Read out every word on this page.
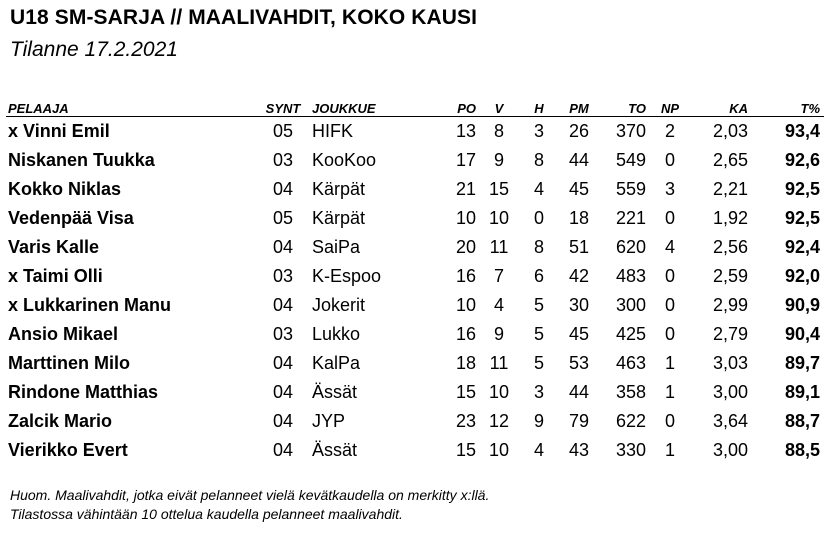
U18 SM-SARJA // MAALIVAHDIT, KOKO KAUSI
Tilanne 17.2.2021
PELAAJA	SYNT	JOUKKUE	PO	V	H	PM	TO	NP	KA	T%
x Vinni Emil	05	HIFK	13	8	3	26	370	2	2,03	93,4
Niskanen Tuukka	03	KooKoo	17	9	8	44	549	0	2,65	92,6
Kokko Niklas	04	Kärpät	21	15	4	45	559	3	2,21	92,5
Vedenpää Visa	05	Kärpät	10	10	0	18	221	0	1,92	92,5
Varis Kalle	04	SaiPa	20	11	8	51	620	4	2,56	92,4
x Taimi Olli	03	K-Espoo	16	7	6	42	483	0	2,59	92,0
x Lukkarinen Manu	04	Jokerit	10	4	5	30	300	0	2,99	90,9
Ansio Mikael	03	Lukko	16	9	5	45	425	0	2,79	90,4
Marttinen Milo	04	KalPa	18	11	5	53	463	1	3,03	89,7
Rindone Matthias	04	Ässät	15	10	3	44	358	1	3,00	89,1
Zalcik Mario	04	JYP	23	12	9	79	622	0	3,64	88,7
Vierikko Evert	04	Ässät	15	10	4	43	330	1	3,00	88,5
Huom. Maalivahdit, jotka eivät pelanneet vielä kevätkaudella on merkitty x:llä.
Tilastossa vähintään 10 ottelua kaudella pelanneet maalivahdit.
